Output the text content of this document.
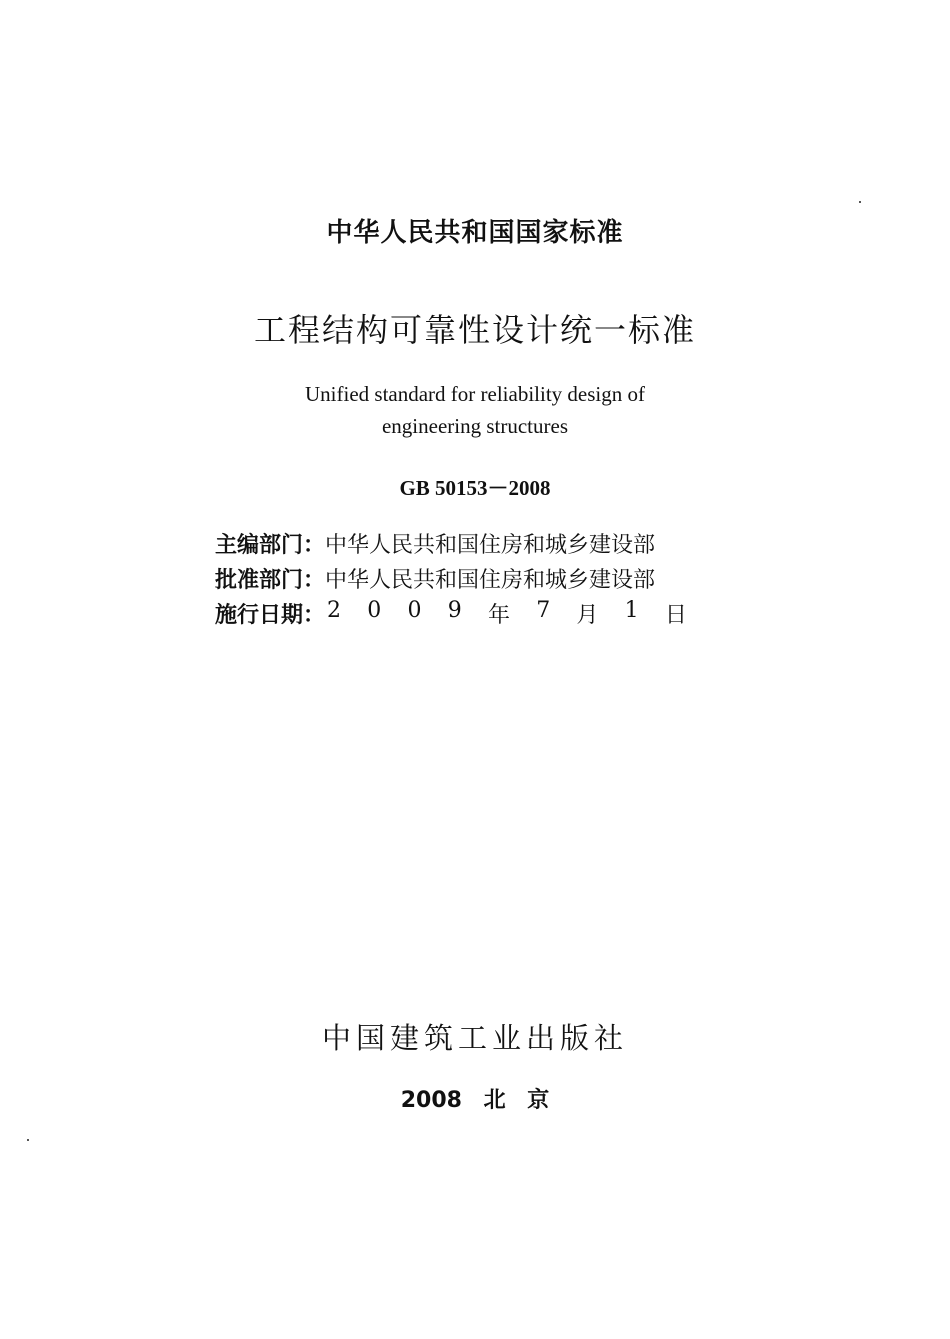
中华人民共和国国家标准
工程结构可靠性设计统一标准
Unified standard for reliability design of
engineering structures
GB 50153－2008
主编部门：中华人民共和国住房和城乡建设部
批准部门：中华人民共和国住房和城乡建设部
施行日期： 2 0 0 9 年 7 月 1 日
中国建筑工业出版社
2008 北 京
